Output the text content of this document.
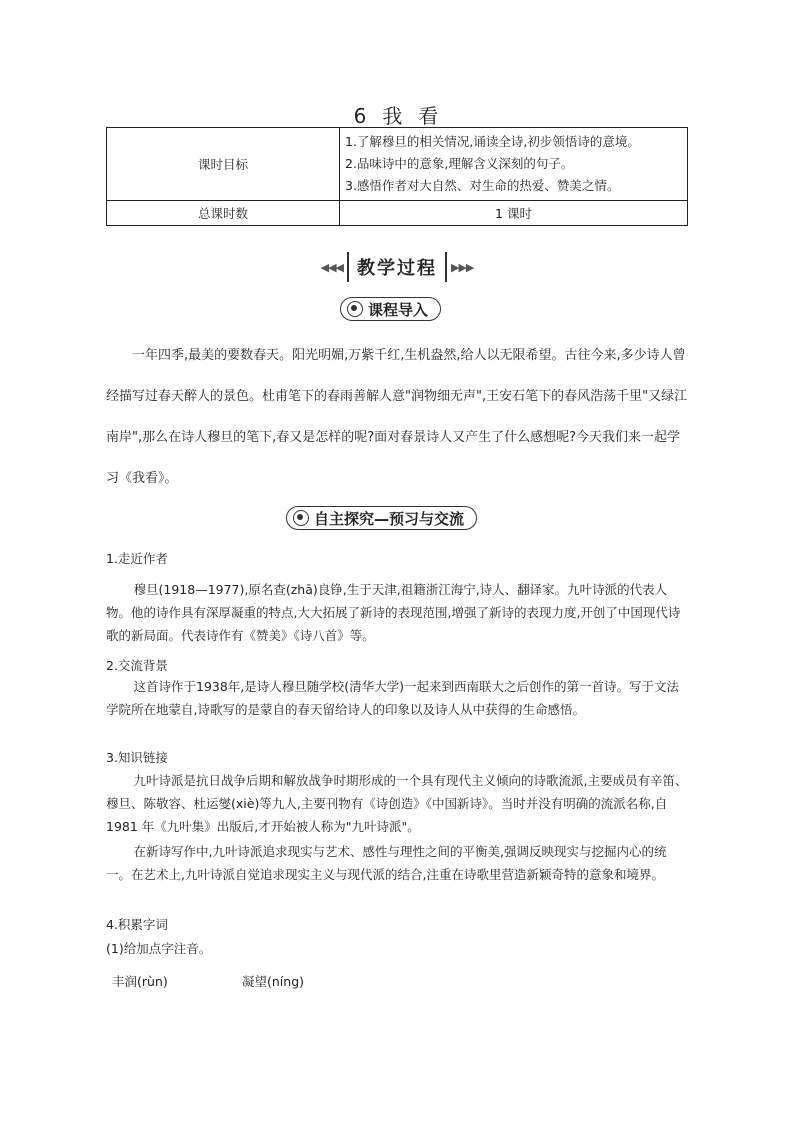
6 我 看
课时目标	1.了解穆旦的相关情况,诵读全诗,初步领悟诗的意境。
2.品味诗中的意象,理解含义深刻的句子。
3.感悟作者对大自然、对生命的热爱、赞美之情。

总课时数	1 课时
◀◀◀ 教学过程	▶▶▶
课程导入
一年四季,最美的要数春天。阳光明媚,万紫千红,生机盎然,给人以无限希望。古往今来,多少诗人曾经描写过春天醉人的景色。杜甫笔下的春雨善解人意"润物细无声",王安石笔下的春风浩荡千里"又绿江南岸",那么在诗人穆旦的笔下,春又是怎样的呢?面对春景诗人又产生了什么感想呢?今天我们来一起学习《我看》。
自主探究—预习与交流
1.走近作者
穆旦(1918—1977),原名查(zhā)良铮,生于天津,祖籍浙江海宁,诗人、翻译家。九叶诗派的代表人物。他的诗作具有深厚凝重的特点,大大拓展了新诗的表现范围,增强了新诗的表现力度,开创了中国现代诗歌的新局面。代表诗作有《赞美》《诗八首》等。
2.交流背景
这首诗作于1938年,是诗人穆旦随学校(清华大学)一起来到西南联大之后创作的第一首诗。写于文法学院所在地蒙自,诗歌写的是蒙自的春天留给诗人的印象以及诗人从中获得的生命感悟。
3.知识链接
九叶诗派是抗日战争后期和解放战争时期形成的一个具有现代主义倾向的诗歌流派,主要成员有辛笛、穆旦、陈敬容、杜运燮(xiè)等九人,主要刊物有《诗创造》《中国新诗》。当时并没有明确的流派名称,自 1981 年《九叶集》出版后,才开始被人称为"九叶诗派"。
在新诗写作中,九叶诗派追求现实与艺术、感性与理性之间的平衡美,强调反映现实与挖掘内心的统一。在艺术上,九叶诗派自觉追求现实主义与现代派的结合,注重在诗歌里营造新颖奇特的意象和境界。
4.积累字词
(1)给加点字注音。
丰润(rùn)	凝望(níng)
